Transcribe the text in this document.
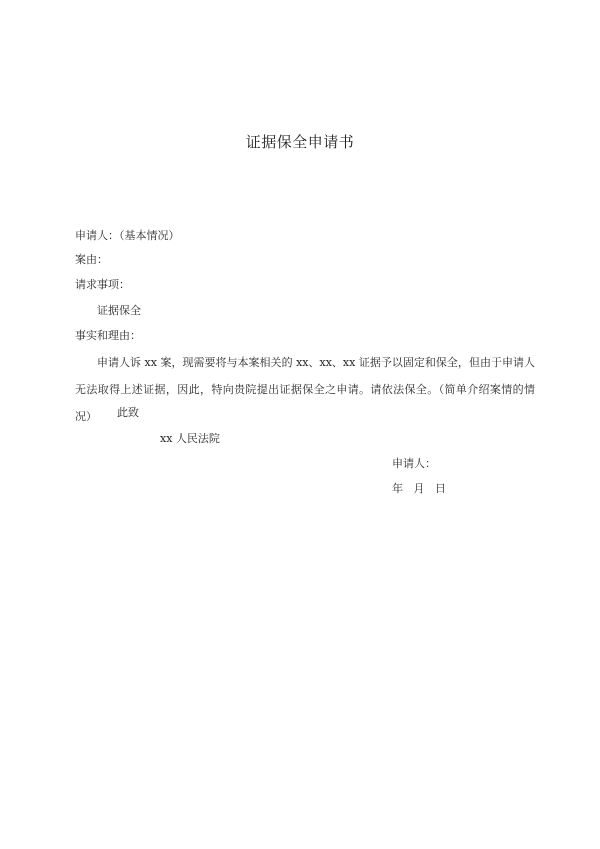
证据保全申请书
申请人：（基本情况）
案由：
请求事项：
证据保全
事实和理由：
申请人诉 xx 案，现需要将与本案相关的 xx、xx、xx 证据予以固定和保全，但由于申请人无法取得上述证据，因此，特向贵院提出证据保全之申请。请依法保全。（简单介绍案情的情况）	此致
xx 人民法院
申请人：
年   月   日
